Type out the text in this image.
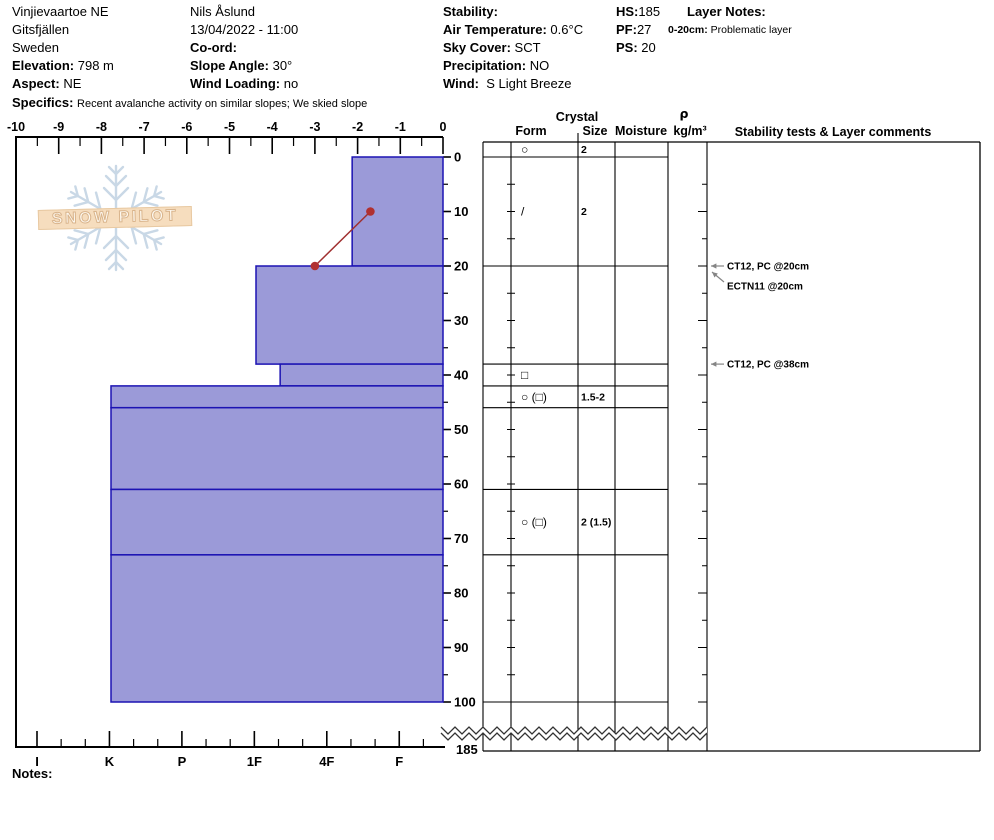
Vinjievaartoe NE
Gitsfjällen
Sweden
Elevation: 798 m
Aspect: NE
Specifics: Recent avalanche activity on similar slopes; We skied slope
Nils Åslund
13/04/2022 - 11:00
Co-ord:
Slope Angle: 30°
Wind Loading: no
Stability:
Air Temperature: 0.6°C
Sky Cover: SCT
Precipitation: NO
Wind: S Light Breeze
HS:185
PF:27
PS: 20
Layer Notes:
0-20cm: Problematic layer
Crystal
Form	Size Moisture
ρ
kg/m³ Stability tests & Layer comments
SNOW PILOT
-10 -9	-8	-7	-6	-5	-4	-3	-2	-1	0
I	K	P	1F	4F	F
0
10
20
30
40
50
60
70
80
90
100
185
○	2
/	2
□
○ (□)	1.5-2
○ (□)	2 (1.5)
CT12, PC @20cm
ECTN11 @20cm
CT12, PC @38cm
Notes:
